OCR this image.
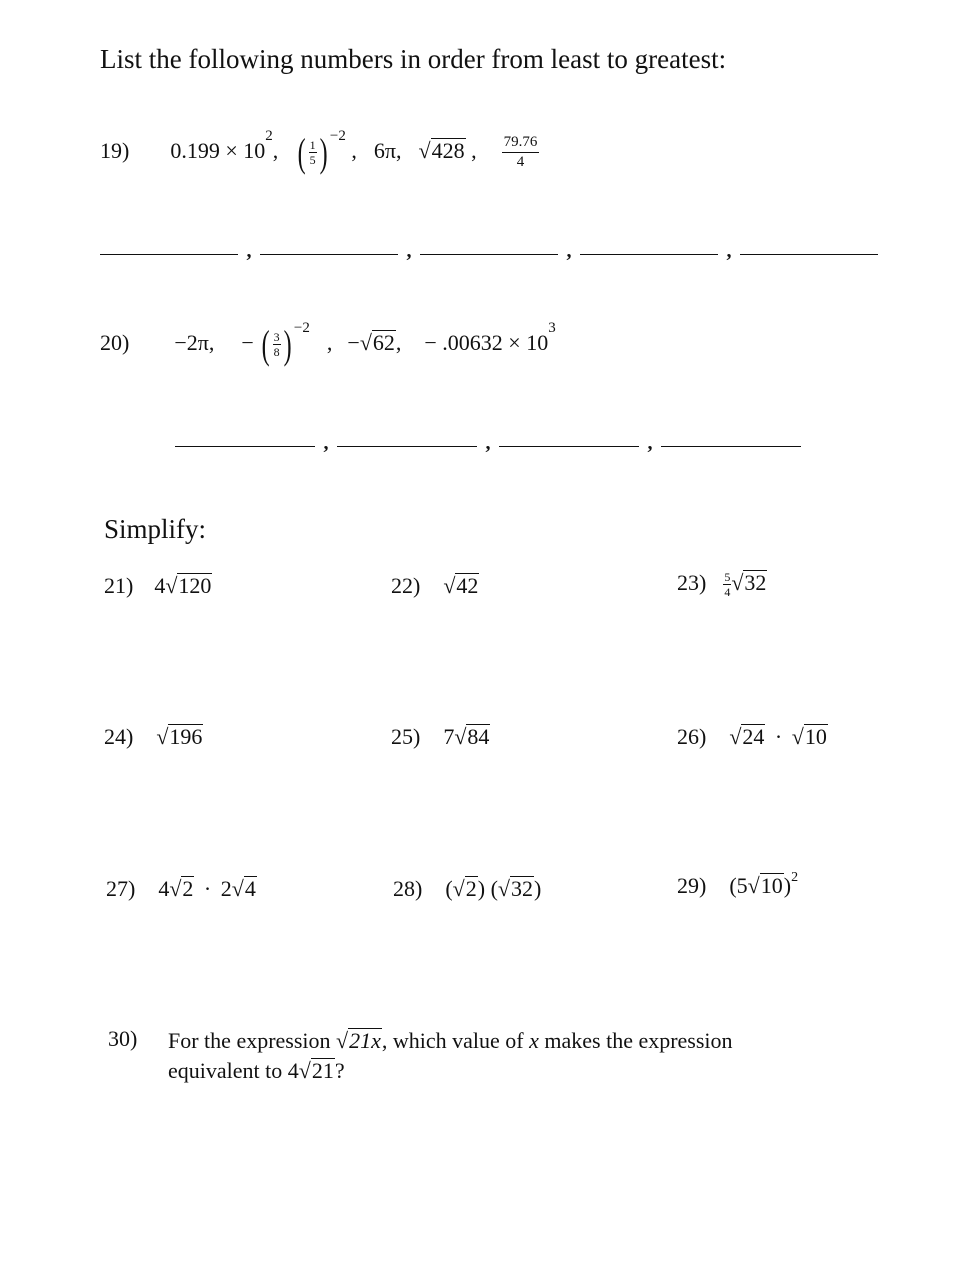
List the following numbers in order from least to greatest:
19) $0.199 \times 10^2$, ( $\frac{1}{5}$ ) $^{-2}$ , 6π, √428 , $\frac{79.76}{4}$
,	,	,	,
20) −2π, − ( $\frac{3}{8}$ ) $^{-2}$  , −√62, − $.00632 \times 10^3$
,	,	,
Simplify:
21) 4√120	22) √42	$23) \frac{5}{4} √32$
24) √196	25) 7√84	26) √24 · √10
27) 4√2 · 2√4	28) (√2) (√32)	29) $(5√10)^2$
30) For the expression √21x, which value of x makes the expression
equivalent to 4√21?
